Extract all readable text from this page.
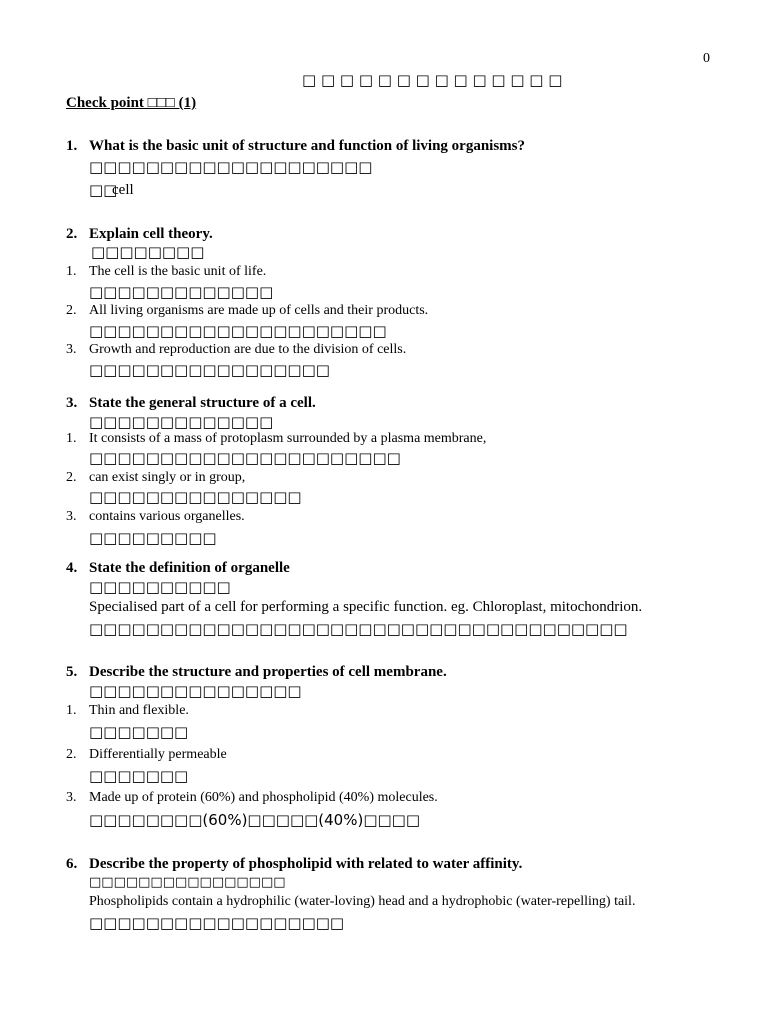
0
□ □ □ □ □ □ □ □ □ □ □ □ □ □
Check point □□□ (1)
1. What is the basic unit of structure and function of living organisms?
□□□□□□□□□□□□□□□□□□□□
□□
cell
2. Explain cell theory.
□□□□□□□□
1. The cell is the basic unit of life.
□□□□□□□□□□□□□
2. All living organisms are made up of cells and their products.
□□□□□□□□□□□□□□□□□□□□□
3. Growth and reproduction are due to the division of cells.
□□□□□□□□□□□□□□□□□
3. State the general structure of a cell.
□□□□□□□□□□□□□
1. It consists of a mass of protoplasm surrounded by a plasma membrane,
□□□□□□□□□□□□□□□□□□□□□□
2. can exist singly or in group,
□□□□□□□□□□□□□□□
3. contains various organelles.
□□□□□□□□□
4. State the definition of organelle
□□□□□□□□□□
Specialised part of a cell for performing a specific function. eg. Chloroplast, mitochondrion.
□□□□□□□□□□□□□□□□□□□□□□□□□□□□□□□□□□□□□□
5. Describe the structure and properties of cell membrane.
□□□□□□□□□□□□□□□
1. Thin and flexible.
□□□□□□□
2. Differentially permeable
□□□□□□□
3. Made up of protein (60%) and phospholipid (40%) molecules.
□□□□□□□□(60%)□□□□□(40%)□□□□
6. Describe the property of phospholipid with related to water affinity.
□□□□□□□□□□□□□□□□
Phospholipids contain a hydrophilic (water-loving) head and a hydrophobic (water-repelling) tail.
□□□□□□□□□□□□□□□□□□
